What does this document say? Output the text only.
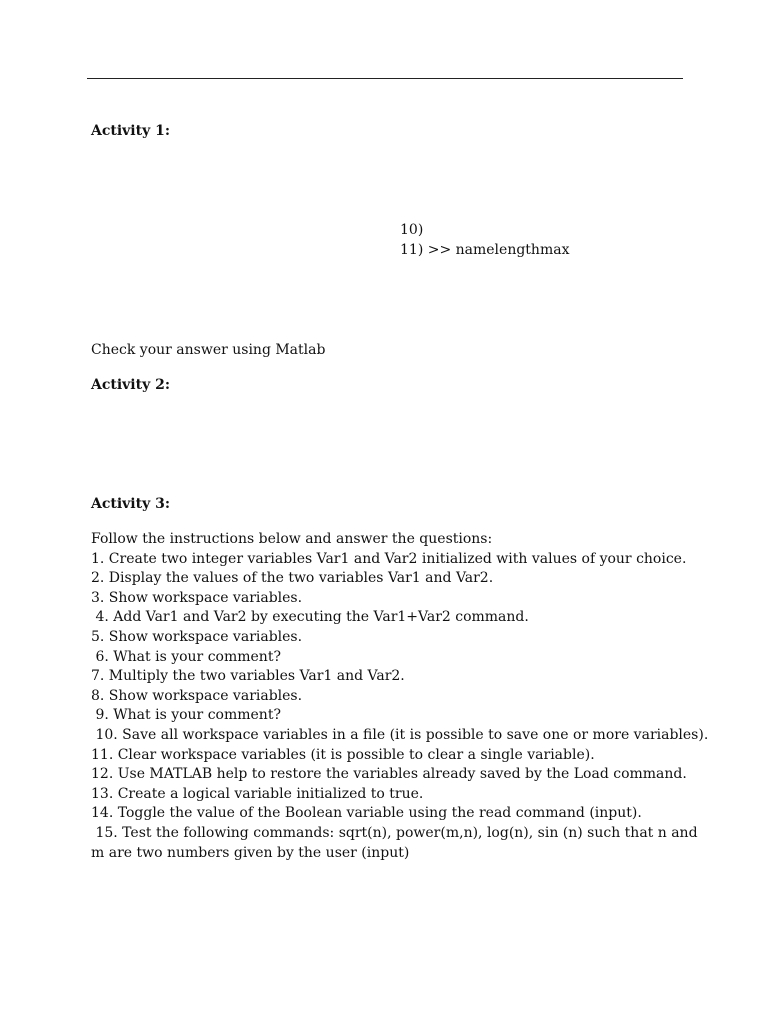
Activity 1:

10)

11) >> namelengthmax

Check your answer using Matlab

Activity 2:
Activity 3:
Follow the instructions below and answer the questions:
1. Create two integer variables Var1 and Var2 initialized with values of your choice.
2. Display the values of the two variables Var1 and Var2.
3. Show workspace variables.
4. Add Var1 and Var2 by executing the Var1+Var2 command.
5. Show workspace variables.
6. What is your comment?
7. Multiply the two variables Var1 and Var2.
8. Show workspace variables.
9. What is your comment?
10. Save all workspace variables in a file (it is possible to save one or more variables).
11. Clear workspace variables (it is possible to clear a single variable).
12. Use MATLAB help to restore the variables already saved by the Load command.
13. Create a logical variable initialized to true.
14. Toggle the value of the Boolean variable using the read command (input).
15. Test the following commands: sqrt(n), power(m,n), log(n), sin (n) such that n and
m are two numbers given by the user (input)
